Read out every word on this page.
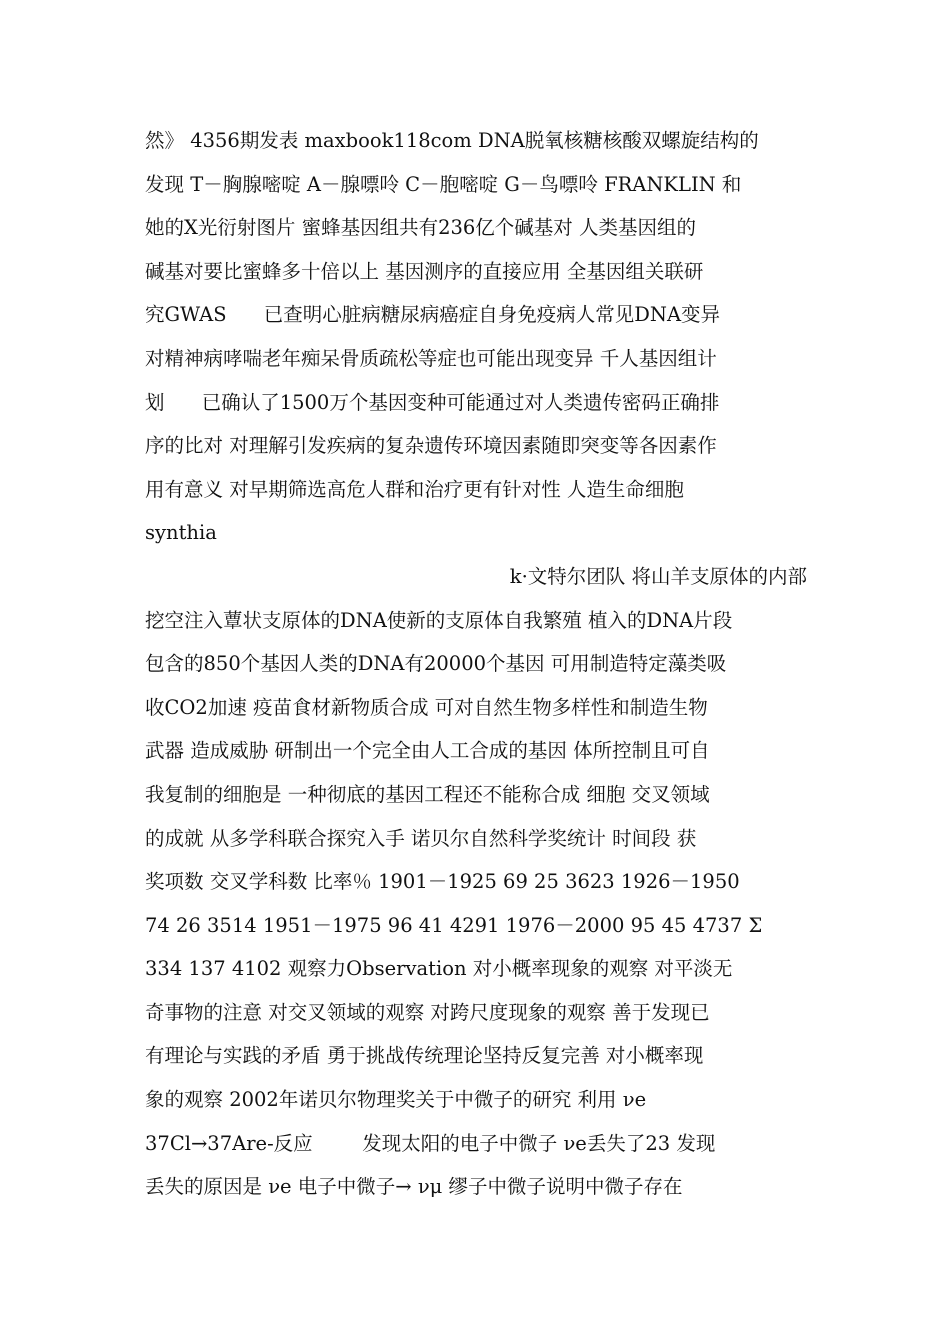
然》 4356期发表 maxbook118com DNA脱氧核糖核酸双螺旋结构的
发现 T－胸腺嘧啶 A－腺嘌呤 C－胞嘧啶 G－鸟嘌呤 FRANKLIN 和
她的X光衍射图片 蜜蜂基因组共有236亿个碱基对 人类基因组的
碱基对要比蜜蜂多十倍以上 基因测序的直接应用 全基因组关联研
究GWAS      已查明心脏病糖尿病癌症自身免疫病人常见DNA变异
对精神病哮喘老年痴呆骨质疏松等症也可能出现变异 千人基因组计
划      已确认了1500万个基因变种可能通过对人类遗传密码正确排
序的比对 对理解引发疾病的复杂遗传环境因素随即突变等各因素作
用有意义 对早期筛选高危人群和治疗更有针对性 人造生命细胞
synthia
k·文特尔团队 将山羊支原体的内部
挖空注入蕈状支原体的DNA使新的支原体自我繁殖 植入的DNA片段
包含的850个基因人类的DNA有20000个基因 可用制造特定藻类吸
收CO2加速 疫苗食材新物质合成 可对自然生物多样性和制造生物
武器 造成威胁 研制出一个完全由人工合成的基因 体所控制且可自
我复制的细胞是 一种彻底的基因工程还不能称合成 细胞 交叉领域
的成就 从多学科联合探究入手 诺贝尔自然科学奖统计 时间段 获
奖项数 交叉学科数 比率％ 1901－1925 69 25 3623 1926－1950
74 26 3514 1951－1975 96 41 4291 1976－2000 95 45 4737 Σ
334 137 4102 观察力Observation 对小概率现象的观察 对平淡无
奇事物的注意 对交叉领域的观察 对跨尺度现象的观察 善于发现已
有理论与实践的矛盾 勇于挑战传统理论坚持反复完善 对小概率现
象的观察 2002年诺贝尔物理奖关于中微子的研究 利用 νe
37Cl→37Are-反应        发现太阳的电子中微子 νe丢失了23 发现
丢失的原因是 νe 电子中微子→ νμ 缪子中微子说明中微子存在
